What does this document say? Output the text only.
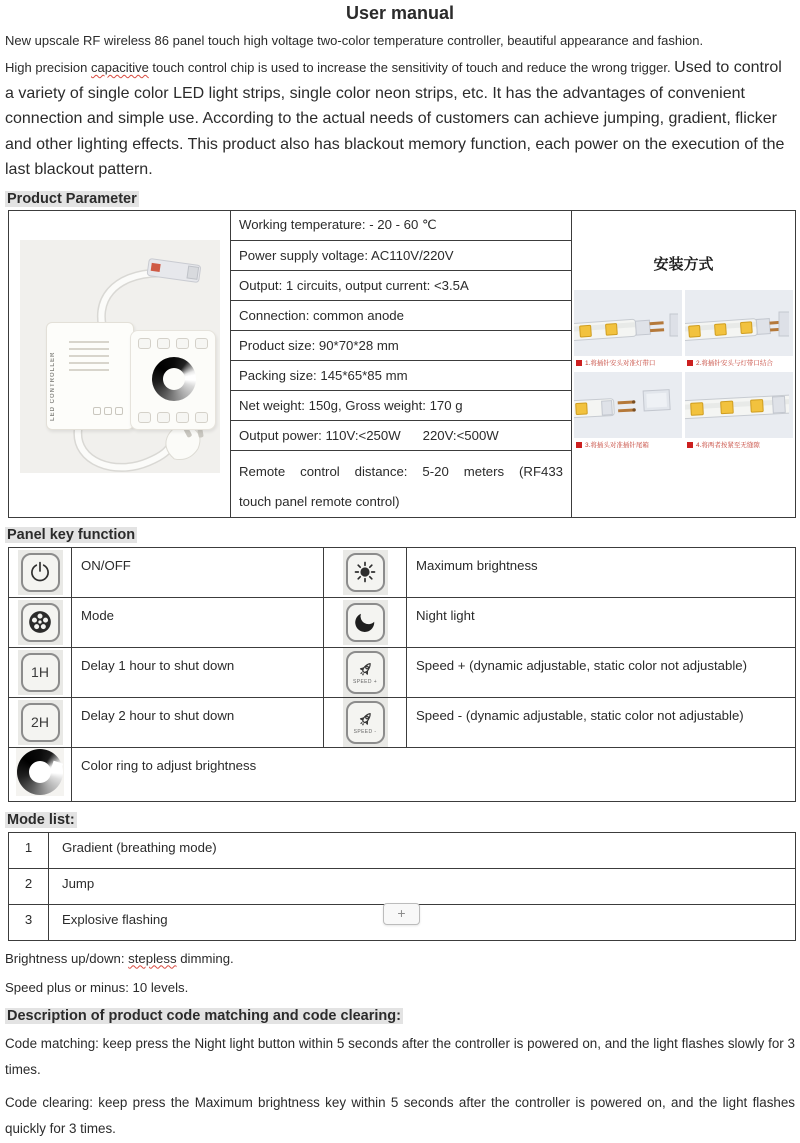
User manual
New upscale RF wireless 86 panel touch high voltage two-color temperature controller, beautiful appearance and fashion.
High precision capacitive touch control chip is used to increase the sensitivity of touch and reduce the wrong trigger. Used to control a variety of single color LED light strips, single color neon strips, etc. It has the advantages of convenient connection and simple use. According to the actual needs of customers can achieve jumping, gradient, flicker and other lighting effects. This product also has blackout memory function, each power on the execution of the last blackout pattern.
Product Parameter
LED CONTROLLER
	Working temperature: - 20 - 60 ℃	
安装方式
1.将插针安头对准灯带口	2.将插针安头与灯带口结合
3.将插头对准插针尾箱	4.将两者按紧至无缝隙

Power supply voltage: AC110V/220V
Output: 1 circuits, output current: <3.5A
Connection: common anode
Product size: 90*70*28 mm
Packing size: 145*65*85 mm
Net weight: 150g, Gross weight: 170 g
Output power: 110V:<250W      220V:<500W

Remote control distance: 5-20 meters (RF433
touch panel remote control)
Panel key function
	ON/OFF		Maximum brightness

	Mode		Night light

1H	Delay 1 hour to shut down	SPEED +	Speed + (dynamic adjustable, static color not adjustable)

2H	Delay 2 hour to shut down	SPEED -	Speed - (dynamic adjustable, static color not adjustable)

	Color ring to adjust brightness		
Mode list:
1	Gradient (breathing mode)
2	Jump
3	Explosive flashing
Brightness up/down: stepless dimming.
Speed plus or minus: 10 levels.
Description of product code matching and code clearing:
Code matching: keep press the Night light button within 5 seconds after the controller is powered on, and the light flashes slowly for 3 times.
Code clearing: keep press the Maximum brightness key within 5 seconds after the controller is powered on, and the light flashes quickly for 3 times.
+
